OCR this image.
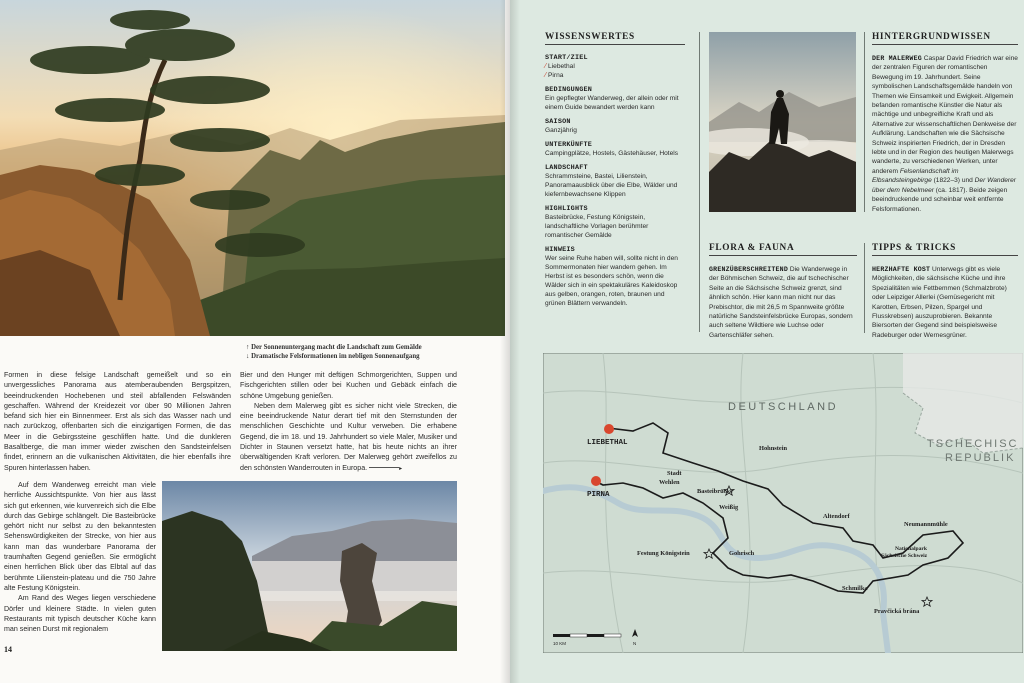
↑ Der Sonnenuntergang macht die Landschaft zum Gemälde
↓ Dramatische Felsformationen im nebligen Sonnenaufgang
Formen in diese felsige Landschaft gemeißelt und so ein unvergessliches Panorama aus atemberaubenden Bergspitzen, beeindruckenden Hochebenen und steil abfallenden Felswänden geschaffen. Während der Kreidezeit vor über 90 Millionen Jahren befand sich hier ein Binnenmeer. Erst als sich das Wasser nach und nach zurückzog, offenbarten sich die einzigartigen Formen, die das Meer in die Gebirgssteine geschliffen hatte. Und die dunkleren Basaltberge, die man immer wieder zwischen den Sandsteinfelsen findet, erinnern an die vulkanischen Aktivitäten, die hier ebenfalls ihre Spuren hinterlassen haben.
Auf dem Wanderweg erreicht man viele herrliche Aussichtspunkte. Von hier aus lässt sich gut erkennen, wie kurvenreich sich die Elbe durch das Gebirge schlängelt. Die Basteibrücke gehört nicht nur selbst zu den bekanntesten Sehenswürdigkeiten der Strecke, von hier aus kann man das wunderbare Panorama der traumhaften Gegend genießen. Sie ermöglicht einen herrlichen Blick über das Elbtal auf das berühmte Lilienstein-plateau und die 750 Jahre alte Festung Königstein.
Am Rand des Weges liegen verschiedene Dörfer und kleinere Städte. In vielen guten Restaurants mit typisch deutscher Küche kann man seinen Durst mit regionalem
Bier und den Hunger mit deftigen Schmorgerichten, Suppen und Fischgerichten stillen oder bei Kuchen und Gebäck einfach die schöne Umgebung genießen.
Neben dem Malerweg gibt es sicher nicht viele Strecken, die eine beeindruckende Natur derart tief mit den Sternstunden der menschlichen Geschichte und Kultur verweben. Die erhabene Gegend, die im 18. und 19. Jahrhundert so viele Maler, Musiker und Dichter in Staunen versetzt hatte, hat bis heute nichts an ihrer überwältigenden Kraft verloren. Der Malerweg gehört zweifellos zu den schönsten Wanderrouten in Europa.	▸
14
WISSENSWERTES
START/ZIEL
⁄ Liebethal
⁄ Pirna
BEDINGUNGEN
Ein gepflegter Wanderweg, der allein oder mit einem Guide bewandert werden kann
SAISON
Ganzjährig
UNTERKÜNFTE
Campingplätze, Hostels, Gästehäuser, Hotels
LANDSCHAFT
Schrammsteine, Bastei, Lilienstein, Panoramaausblick über die Elbe, Wälder und kiefernbewachsene Klippen
HIGHLIGHTS
Basteibrücke, Festung Königstein, landschaftliche Vorlagen berühmter romantischer Gemälde
HINWEIS
Wer seine Ruhe haben will, sollte nicht in den Sommermonaten hier wandern gehen. Im Herbst ist es besonders schön, wenn die Wälder sich in ein spektakuläres Kaleidoskop aus gelben, orangen, roten, braunen und grünen Blättern verwandeln.
HINTERGRUNDWISSEN
DER MALERWEG Caspar David Friedrich war eine der zentralen Figuren der romantischen Bewegung im 19. Jahrhundert. Seine symbolischen Landschaftsgemälde handeln von Themen wie Einsamkeit und Ewigkeit. Allgemein befanden romantische Künstler die Natur als mächtige und unbegreifliche Kraft und als Alternative zur wissenschaftlichen Denkweise der Aufklärung. Landschaften wie die Sächsische Schweiz inspirierten Friedrich, der in Dresden lebte und in der Region des heutigen Malerwegs wanderte, zu verschiedenen Werken, unter anderem Felsenlandschaft im Elbsandsteingebirge (1822–3) und Der Wanderer über dem Nebelmeer (ca. 1817). Beide zeigen beeindruckende und scheinbar weit entfernte Felsformationen.
FLORA & FAUNA
GRENZÜBERSCHREITEND Die Wanderwege in der Böhmischen Schweiz, die auf tschechischer Seite an die Sächsische Schweiz grenzt, sind ähnlich schön. Hier kann man nicht nur das Prebischtor, die mit 26,5 m Spannweite größte natürliche Sandsteinfelsbrücke Europas, sondern auch seltene Wildtiere wie Luchse oder Gartenschläfer sehen.
TIPPS & TRICKS
HERZHAFTE KOST Unterwegs gibt es viele Möglichkeiten, die sächsische Küche und ihre Spezialitäten wie Fettbemmen (Schmalzbrote) oder Leipziger Allerlei (Gemüsegericht mit Karotten, Erbsen, Pilzen, Spargel und Flusskrebsen) auszuprobieren. Bekannte Biersorten der Gegend sind beispielsweise Radeburger oder Wernesgrüner.
DEUTSCHLAND
TSCHECHISC
REPUBLIK
LIEBETHAL
PIRNA
Stadt
Wehlen
Hohnstein
Basteibrücke
Weißig
Altendorf
Neumannmühle
Nationalpark
Sächsische Schweiz
Festung Königstein	Gohrisch
Schmilka
Pravčická brána
10 KM	N
